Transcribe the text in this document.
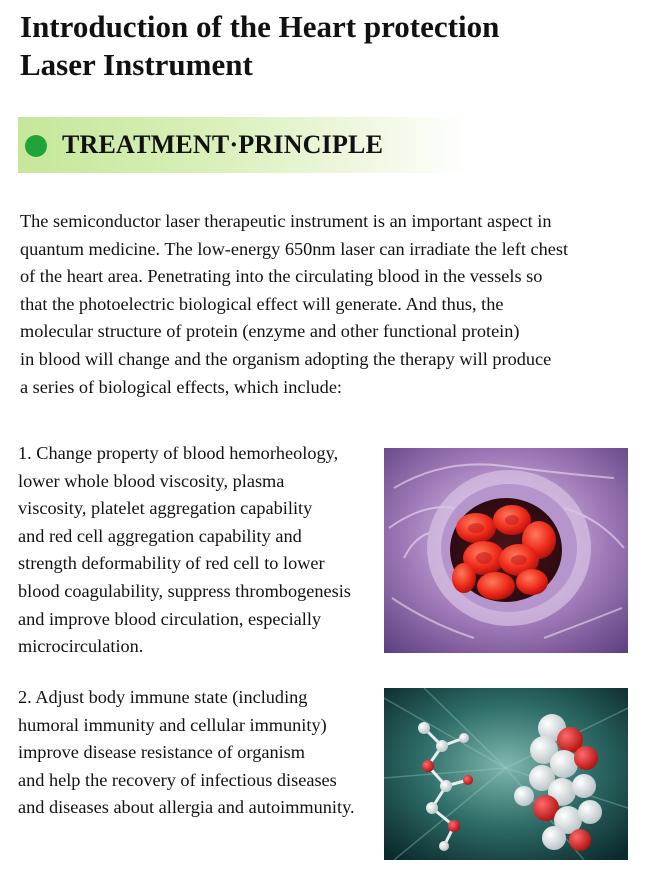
Introduction of the Heart protection
Laser Instrument
TREATMENT·PRINCIPLE

The semiconductor laser therapeutic instrument is an important aspect in
quantum medicine. The low-energy 650nm laser can irradiate the left chest
of the heart area. Penetrating into the circulating blood in the vessels so
that the photoelectric biological effect will generate. And thus, the
molecular structure of protein (enzyme and other functional protein)
in blood will change and the organism adopting the therapy will produce
a series of biological effects, which include:

1. Change property of blood hemorheology,
lower whole blood viscosity, plasma
viscosity, platelet aggregation capability
and red cell aggregation capability and
strength deformability of red cell to lower
blood coagulability, suppress thrombogenesis
and improve blood circulation, especially
microcirculation.

2. Adjust body immune state (including
humoral immunity and cellular immunity)
improve disease resistance of organism
and help the recovery of infectious diseases
and diseases about allergia and autoimmunity.
